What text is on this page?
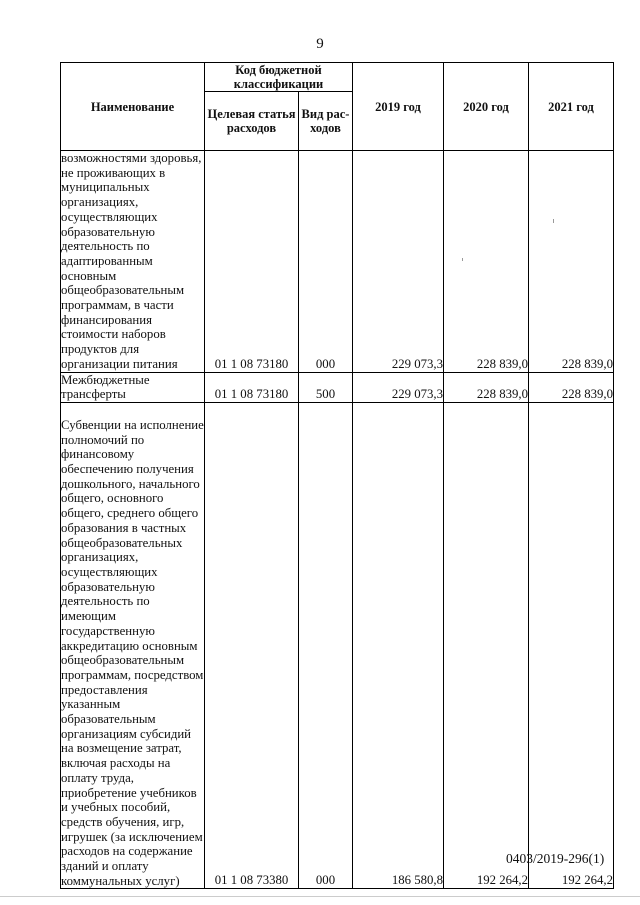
9
Наименование	Код бюджетной классификации		2019 год	2020 год	2021 год
	Целевая статья расходов	Вид рас-ходов			
возможностями здоровья, не проживающих в муниципальных организациях, осуществляющих образовательную деятельность по адаптированным основным общеобразовательным программам, в части финансирования стоимости наборов продуктов для организации питания	01 1 08 73180	000	229 073,3	228 839,0	228 839,0
Межбюджетные трансферты	01 1 08 73180	500	229 073,3	228 839,0	228 839,0
Субвенции на исполнение полномочий по финансовому обеспечению получения дошкольного, начального общего, основного общего, среднего общего образования в частных общеобразовательных организациях, осуществляющих образовательную деятельность по имеющим государственную аккредитацию основным общеобразовательным программам, посредством предоставления указанным образовательным организациям субсидий на возмещение затрат, включая расходы на оплату труда, приобретение учебников и учебных пособий, средств обучения, игр, игрушек (за исключением расходов на содержание зданий и оплату коммунальных услуг)	01 1 08 73380	000	186 580,8	192 264,2	192 264,2
0403/2019-296(1)
